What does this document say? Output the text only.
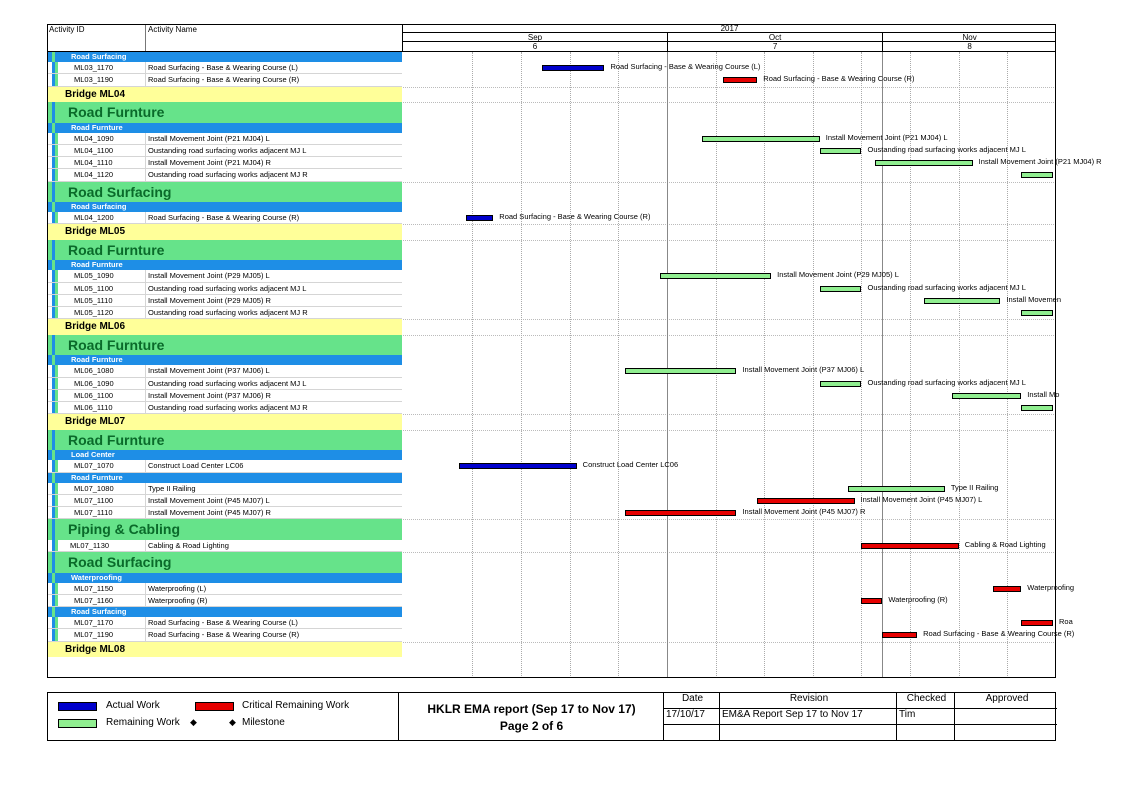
Activity ID	Activity Name	2017
Sep	Oct	Nov
6	7	8
Road Surfacing
ML03_1170	Road Surfacing - Base & Wearing Course (L)
ML03_1190	Road Surfacing - Base & Wearing Course (R)
Bridge ML04
Road Furnture
Road Furnture
ML04_1090	Install Movement Joint (P21 MJ04) L
ML04_1100	Oustanding road surfacing works adjacent MJ L
ML04_1110	Install Movement Joint (P21 MJ04) R
ML04_1120	Oustanding road surfacing works adjacent MJ R
Road Surfacing
Road Surfacing
ML04_1200	Road Surfacing - Base & Wearing Course (R)
Bridge ML05
Road Furnture
Road Furnture
ML05_1090	Install Movement Joint (P29 MJ05) L
ML05_1100	Oustanding road surfacing works adjacent MJ L
ML05_1110	Install Movement Joint (P29 MJ05) R
ML05_1120	Oustanding road surfacing works adjacent MJ R
Bridge ML06
Road Furnture
Road Furnture
ML06_1080	Install Movement Joint (P37 MJ06) L
ML06_1090	Oustanding road surfacing works adjacent MJ L
ML06_1100	Install Movement Joint (P37 MJ06) R
ML06_1110	Oustanding road surfacing works adjacent MJ R
Bridge ML07
Road Furnture
Load Center
ML07_1070	Construct Load Center LC06
Road Furnture
ML07_1080	Type II Railing
ML07_1100	Install Movement Joint (P45 MJ07) L
ML07_1110	Install Movement Joint (P45 MJ07) R
Piping & Cabling
ML07_1130	Cabling & Road Lighting
Road Surfacing
Waterproofing
ML07_1150	Waterproofing (L)
ML07_1160	Waterproofing (R)
Road Surfacing
ML07_1170	Road Surfacing - Base & Wearing Course (L)
ML07_1190	Road Surfacing - Base & Wearing Course (R)
Bridge ML08
Road Surfacing - Base & Wearing Course (L)
Road Surfacing - Base & Wearing Course (R)
Install Movement Joint (P21 MJ04) L
Oustanding road surfacing works adjacent MJ L
Install Movement Joint (P21 MJ04) R
Road Surfacing - Base & Wearing Course (R)
Install Movement Joint (P29 MJ05) L
Oustanding road surfacing works adjacent MJ L
Install Movemen
Install Movement Joint (P37 MJ06) L
Oustanding road surfacing works adjacent MJ L
Install Mo
Construct Load Center LC06
Type II Railing
Install Movement Joint (P45 MJ07) L
Install Movement Joint (P45 MJ07) R
Cabling & Road Lighting
Waterproofing
Waterproofing (R)
Roa
Road Surfacing - Base & Wearing Course (R)
Actual Work	Critical Remaining Work
Remaining Work ◆	◆ Milestone
HKLR EMA report (Sep 17 to Nov 17)
Page 2 of 6
Date	Revision	Checked	Approved
17/10/17	EM&A Report Sep 17 to Nov 17	Tim
